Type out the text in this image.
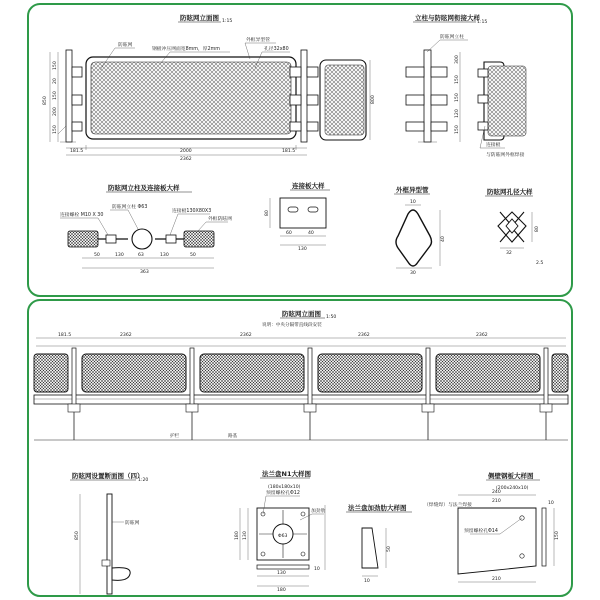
防眩网立面图 1:15
防眩网
钢板冲压网面宽8mm，厚2mm
外框异型管
孔径32x80
850
150
20
150
200
150
800
181.5	2000	181.5
2362
立柱与防眩网衔接大样
1:15
防眩网立柱
连接板
与防眩网外框焊接
300
150
150
120
150
防眩网立柱及连接板大样
防眩网立柱 Φ63
连接板130X80X3
连接螺栓 M10 X 30
外框防眩网
50	130	63	130	50
363
连接板大样
60	40
130
80
外框异型管
10
40
30
防眩网孔径大样
80
32
2.5
防眩网立面图 1:50
说明：中央分隔带直线段安装
181.5	2362	2362	2362	2362
护栏	路基
防眩网设置断面图（四）
1:20
防眩网
850
法兰盘N1大样图
(180x180x10)
Φ63
预留螺栓孔Φ12
加劲肋
130
180
180 130
10
法兰盘加劲肋大样图
50
10
侧壁钢板大样图
(200x240x10)
240
210
预留螺栓孔Φ14
（焊缝焊）与法兰焊接
210
150
10
